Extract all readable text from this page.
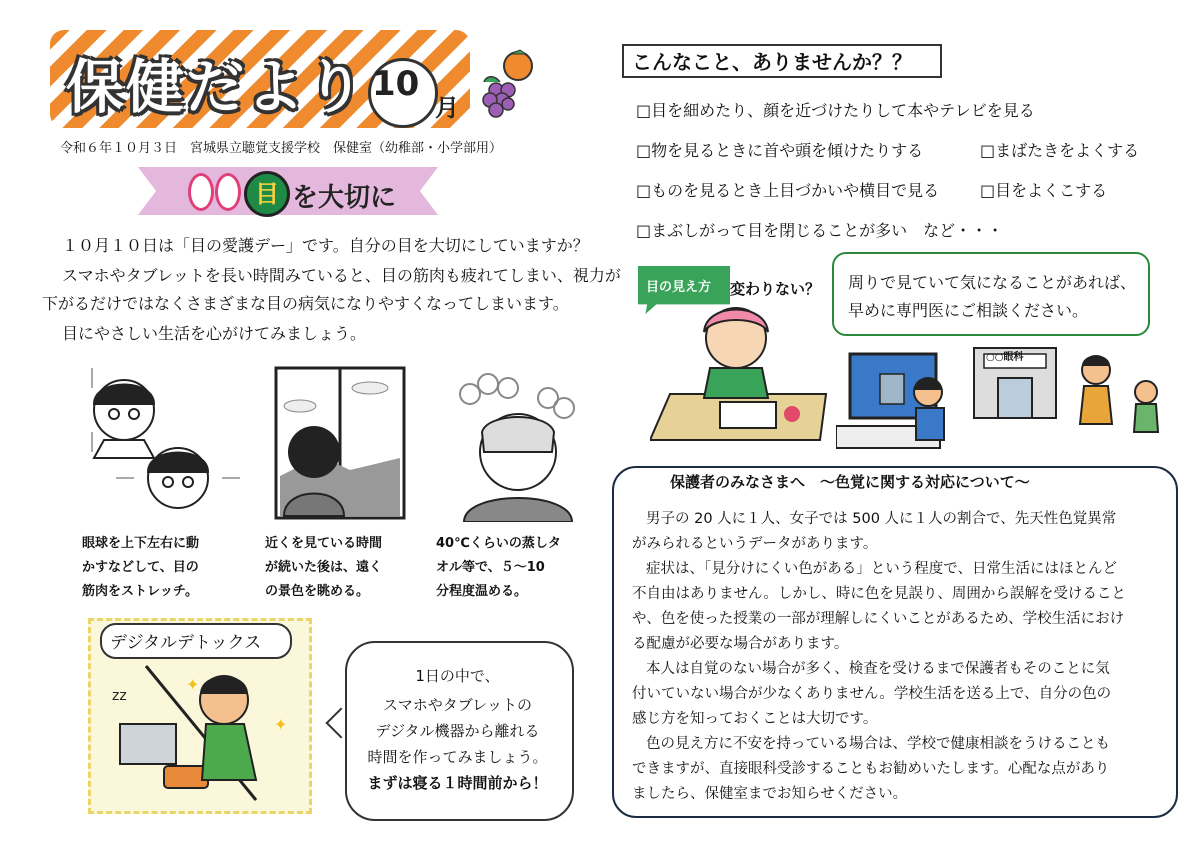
保健だより 10
月
令和６年１０月３日　宮城県立聴覚支援学校　保健室（幼稚部・小学部用）
目 を大切に
１０月１０日は「目の愛護デー」です。自分の目を大切にしていますか？
スマホやタブレットを長い時間みていると、目の筋肉も疲れてしまい、視力が
下がるだけではなくさまざまな目の病気になりやすくなってしまいます。
目にやさしい生活を心がけてみましょう。
眼球を上下左右に動
かすなどして、目の
筋肉をストレッチ。
近くを見ている時間
が続いた後は、遠く
の景色を眺める。
40℃くらいの蒸しタ
オル等で、５～10
分程度温める。
デジタルデトックス
✦
✦
zz
1日の中で、
スマホやタブレットの
デジタル機器から離れる
時間を作ってみましょう。
まずは寝る１時間前から！
こんなこと、ありませんか？？
□目を細めたり、顔を近づけたりして本やテレビを見る
□物を見るときに首や頭を傾けたりする	□まばたきをよくする
□ものを見るとき上目づかいや横目で見る	□目をよくこする
□まぶしがって目を閉じることが多い　など・・・
目の見え方 変わりない？ 周りで見ていて気になることがあれば、
早めに専門医にご相談ください。
○○眼科
保護者のみなさまへ　～色覚に関する対応について～
男子の 20 人に１人、女子では 500 人に１人の割合で、先天性色覚異常
がみられるというデータがあります。
症状は、「見分けにくい色がある」という程度で、日常生活にはほとんど
不自由はありません。しかし、時に色を見誤り、周囲から誤解を受けること
や、色を使った授業の一部が理解しにくいことがあるため、学校生活におけ
る配慮が必要な場合があります。
本人は自覚のない場合が多く、検査を受けるまで保護者もそのことに気
付いていない場合が少なくありません。学校生活を送る上で、自分の色の
感じ方を知っておくことは大切です。
色の見え方に不安を持っている場合は、学校で健康相談をうけることも
できますが、直接眼科受診することもお勧めいたします。心配な点があり
ましたら、保健室までお知らせください。
